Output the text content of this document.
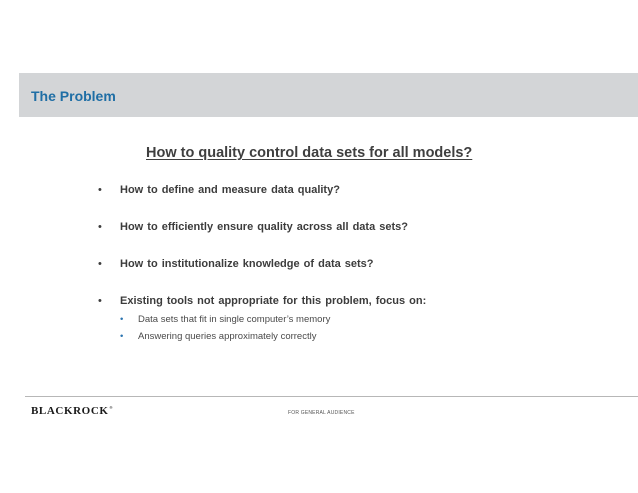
The Problem
How to quality control data sets for all models?
• How to define and measure data quality?
• How to efficiently ensure quality across all data sets?
• How to institutionalize knowledge of data sets?
• Existing tools not appropriate for this problem, focus on:
• Data sets that fit in single computer’s memory
• Answering queries approximately correctly
BLACKROCK®
FOR GENERAL AUDIENCE
